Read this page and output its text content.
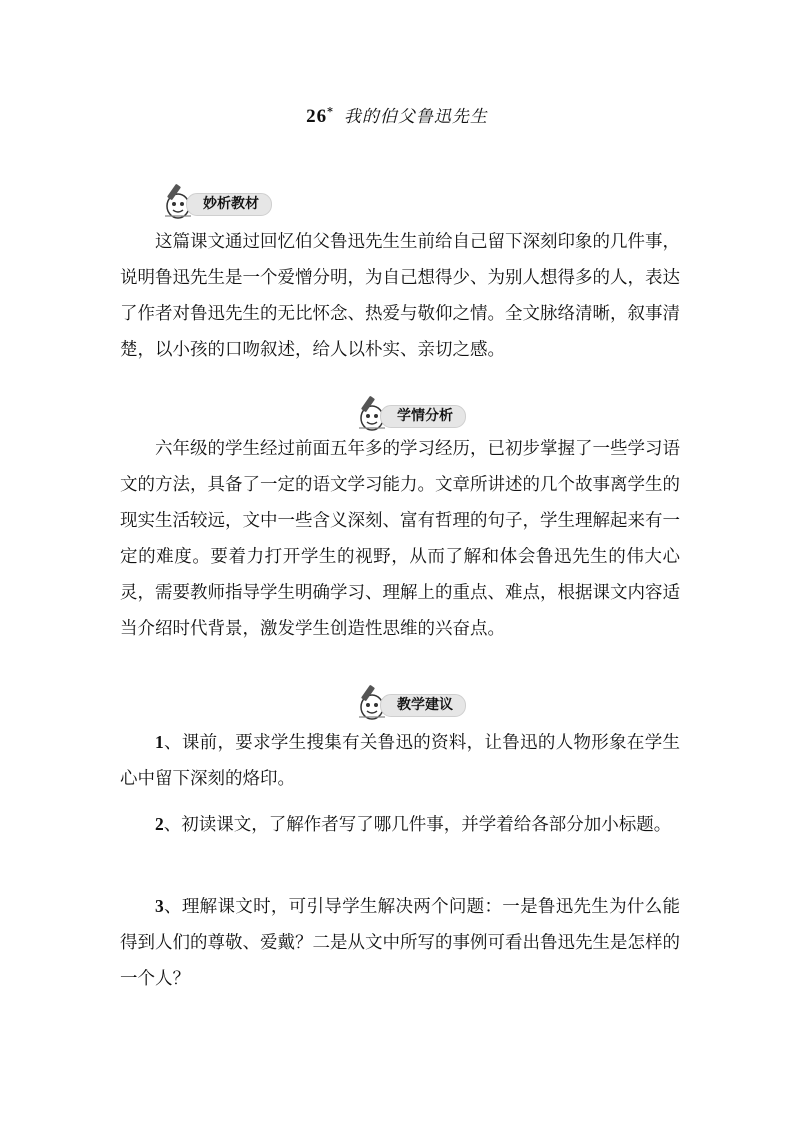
26* 我的伯父鲁迅先生
妙析教材
这篇课文通过回忆伯父鲁迅先生生前给自己留下深刻印象的几件事，说明鲁迅先生是一个爱憎分明，为自己想得少、为别人想得多的人，表达了作者对鲁迅先生的无比怀念、热爱与敬仰之情。全文脉络清晰，叙事清楚，以小孩的口吻叙述，给人以朴实、亲切之感。
学情分析
六年级的学生经过前面五年多的学习经历，已初步掌握了一些学习语文的方法，具备了一定的语文学习能力。文章所讲述的几个故事离学生的现实生活较远，文中一些含义深刻、富有哲理的句子，学生理解起来有一定的难度。要着力打开学生的视野，从而了解和体会鲁迅先生的伟大心灵，需要教师指导学生明确学习、理解上的重点、难点，根据课文内容适当介绍时代背景，激发学生创造性思维的兴奋点。
教学建议
1、课前，要求学生搜集有关鲁迅的资料，让鲁迅的人物形象在学生心中留下深刻的烙印。
2、初读课文，了解作者写了哪几件事，并学着给各部分加小标题。
3、理解课文时，可引导学生解决两个问题：一是鲁迅先生为什么能得到人们的尊敬、爱戴？二是从文中所写的事例可看出鲁迅先生是怎样的一个人？
